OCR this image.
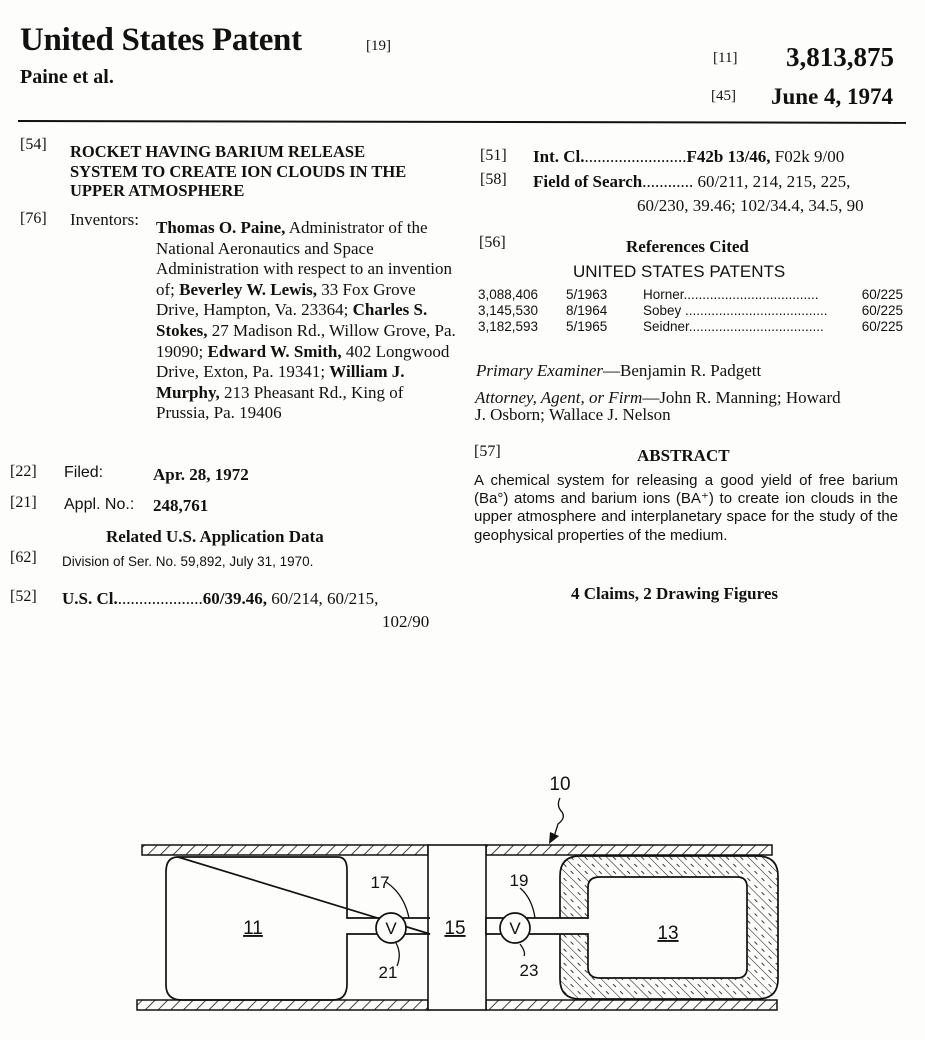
United States Patent	[19]
Paine et al.
[11] 3,813,875
[45] June 4, 1974
[54] ROCKET HAVING BARIUM RELEASE
SYSTEM TO CREATE ION CLOUDS IN THE
UPPER ATMOSPHERE
[76] Inventors: Thomas O. Paine, Administrator of the National Aeronautics and Space Administration with respect to an invention of; Beverley W. Lewis, 33 Fox Grove Drive, Hampton, Va. 23364; Charles S. Stokes, 27 Madison Rd., Willow Grove, Pa. 19090; Edward W. Smith, 402 Longwood Drive, Exton, Pa. 19341; William J. Murphy, 213 Pheasant Rd., King of Prussia, Pa. 19406
[22] Filed:	Apr. 28, 1972
[21] Appl. No.: 248,761
Related U.S. Application Data
[62] Division of Ser. No. 59,892, July 31, 1970.
[52] U.S. Cl.....................60/39.46, 60/214, 60/215,
102/90
[51] Int. Cl.........................F42b 13/46, F02k 9/00
[58] Field of Search............ 60/211, 214, 215, 225,
60/230, 39.46; 102/34.4, 34.5, 90
[56]	References Cited
UNITED STATES PATENTS
3,088,406	5/1963	Horner....................................	60/225
3,145,530	8/1964	Sobey ......................................	60/225
3,182,593	5/1965	Seidner....................................	60/225
Primary Examiner—Benjamin R. Padgett
Attorney, Agent, or Firm—John R. Manning; Howard
J. Osborn; Wallace J. Nelson
[57]	ABSTRACT
A chemical system for releasing a good yield of free barium (Ba°) atoms and barium ions (BA⁺) to create ion clouds in the upper atmosphere and interplanetary space for the study of the geophysical properties of the medium.
4 Claims, 2 Drawing Figures
V	V
10
11	13
15
17	19
21	23
